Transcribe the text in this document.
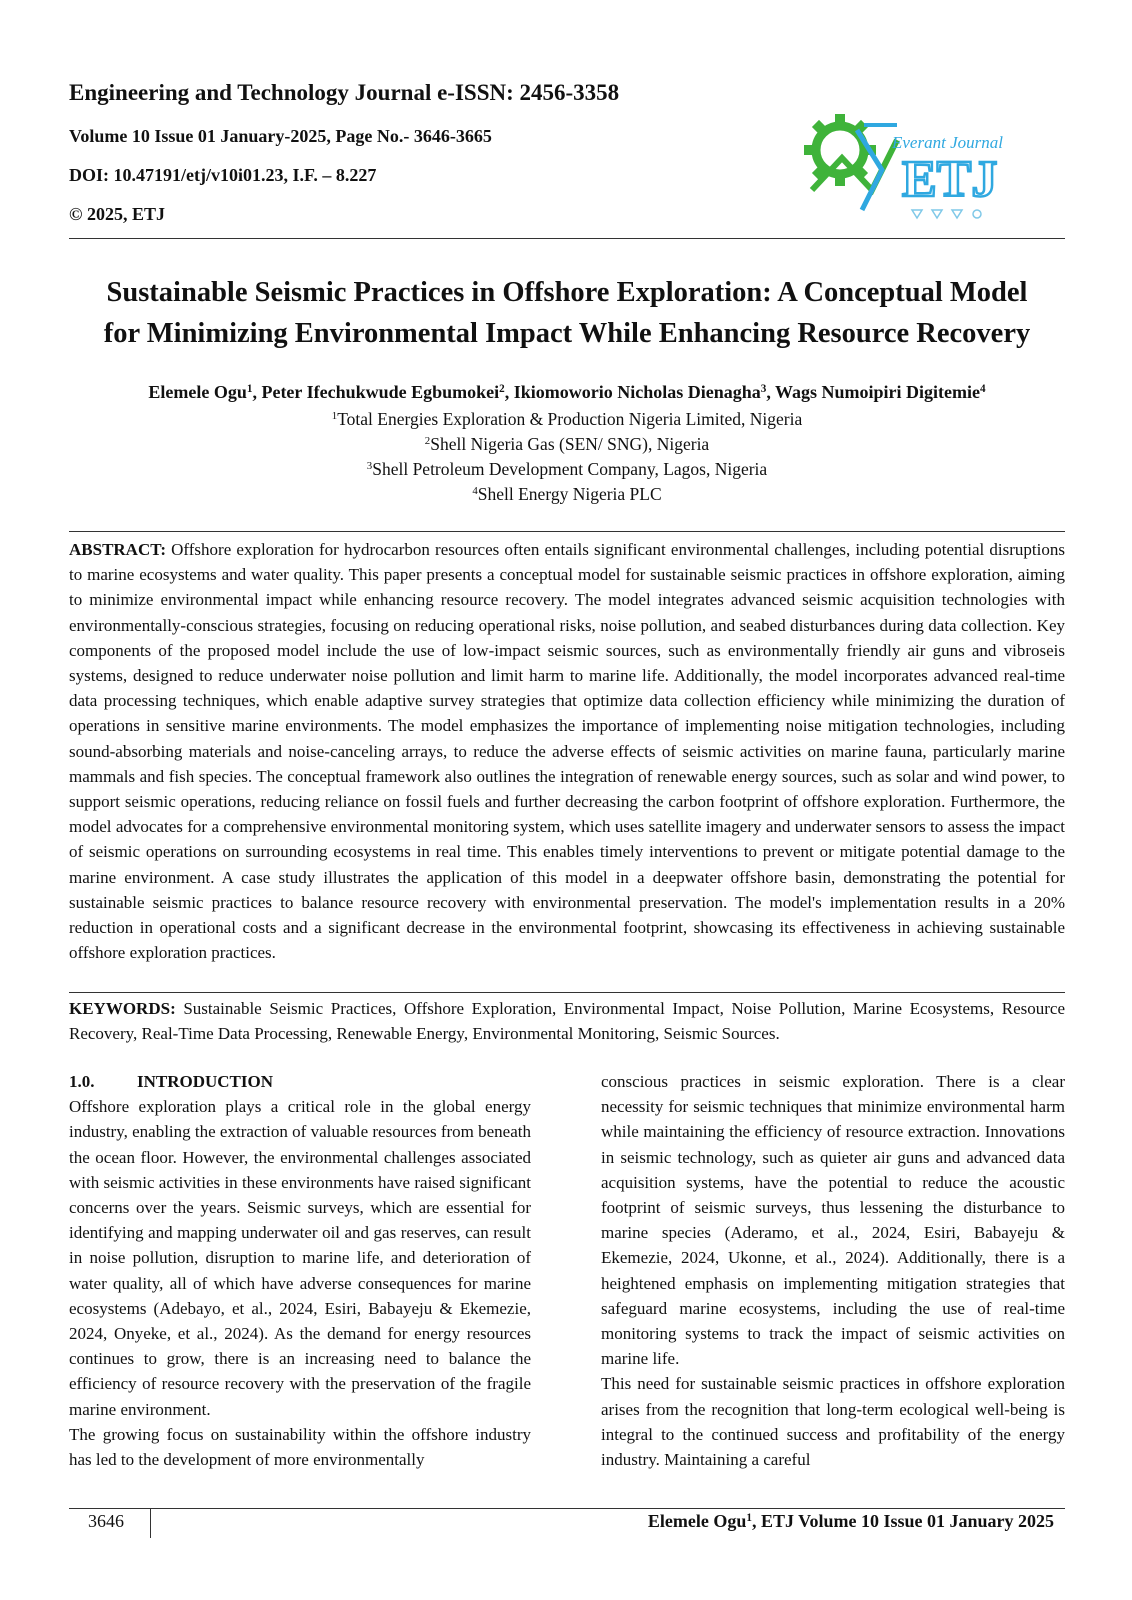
Engineering and Technology Journal e-ISSN: 2456-3358
Volume 10 Issue 01 January-2025, Page No.- 3646-3665
DOI: 10.47191/etj/v10i01.23, I.F. – 8.227
© 2025, ETJ
Everant Journal
ETJ
Sustainable Seismic Practices in Offshore Exploration: A Conceptual Model
for Minimizing Environmental Impact While Enhancing Resource Recovery
Elemele Ogu$^1$, Peter Ifechukwude Egbumokei$^2$, Ikiomoworio Nicholas Dienagha$^3$, Wags Numoipiri Digitemie$^4$
$^1$Total Energies Exploration & Production Nigeria Limited, Nigeria
$^2$Shell Nigeria Gas (SEN/ SNG), Nigeria
$^3$Shell Petroleum Development Company, Lagos, Nigeria
$^4$Shell Energy Nigeria PLC
ABSTRACT: Offshore exploration for hydrocarbon resources often entails significant environmental challenges, including potential disruptions to marine ecosystems and water quality. This paper presents a conceptual model for sustainable seismic practices in offshore exploration, aiming to minimize environmental impact while enhancing resource recovery. The model integrates advanced seismic acquisition technologies with environmentally-conscious strategies, focusing on reducing operational risks, noise pollution, and seabed disturbances during data collection. Key components of the proposed model include the use of low-impact seismic sources, such as environmentally friendly air guns and vibroseis systems, designed to reduce underwater noise pollution and limit harm to marine life. Additionally, the model incorporates advanced real-time data processing techniques, which enable adaptive survey strategies that optimize data collection efficiency while minimizing the duration of operations in sensitive marine environments. The model emphasizes the importance of implementing noise mitigation technologies, including sound-absorbing materials and noise-canceling arrays, to reduce the adverse effects of seismic activities on marine fauna, particularly marine mammals and fish species. The conceptual framework also outlines the integration of renewable energy sources, such as solar and wind power, to support seismic operations, reducing reliance on fossil fuels and further decreasing the carbon footprint of offshore exploration. Furthermore, the model advocates for a comprehensive environmental monitoring system, which uses satellite imagery and underwater sensors to assess the impact of seismic operations on surrounding ecosystems in real time. This enables timely interventions to prevent or mitigate potential damage to the marine environment. A case study illustrates the application of this model in a deepwater offshore basin, demonstrating the potential for sustainable seismic practices to balance resource recovery with environmental preservation. The model's implementation results in a 20% reduction in operational costs and a significant decrease in the environmental footprint, showcasing its effectiveness in achieving sustainable offshore exploration practices.
KEYWORDS: Sustainable Seismic Practices, Offshore Exploration, Environmental Impact, Noise Pollution, Marine Ecosystems, Resource Recovery, Real-Time Data Processing, Renewable Energy, Environmental Monitoring, Seismic Sources.

1.0.	INTRODUCTION

Offshore exploration plays a critical role in the global energy industry, enabling the extraction of valuable resources from beneath the ocean floor. However, the environmental challenges associated with seismic activities in these environments have raised significant concerns over the years. Seismic surveys, which are essential for identifying and mapping underwater oil and gas reserves, can result in noise pollution, disruption to marine life, and deterioration of water quality, all of which have adverse consequences for marine ecosystems (Adebayo, et al., 2024, Esiri, Babayeju & Ekemezie, 2024, Onyeke, et al., 2024). As the demand for energy resources continues to grow, there is an increasing need to balance the efficiency of resource recovery with the preservation of the fragile marine environment.

The growing focus on sustainability within the offshore industry has led to the development of more environmentally

conscious practices in seismic exploration. There is a clear necessity for seismic techniques that minimize environmental harm while maintaining the efficiency of resource extraction. Innovations in seismic technology, such as quieter air guns and advanced data acquisition systems, have the potential to reduce the acoustic footprint of seismic surveys, thus lessening the disturbance to marine species (Aderamo, et al., 2024, Esiri, Babayeju & Ekemezie, 2024, Ukonne, et al., 2024). Additionally, there is a heightened emphasis on implementing mitigation strategies that safeguard marine ecosystems, including the use of real-time monitoring systems to track the impact of seismic activities on marine life.

This need for sustainable seismic practices in offshore exploration arises from the recognition that long-term ecological well-being is integral to the continued success and profitability of the energy industry. Maintaining a careful

3646	Elemele Ogu$^1$, ETJ Volume 10 Issue 01 January 2025
